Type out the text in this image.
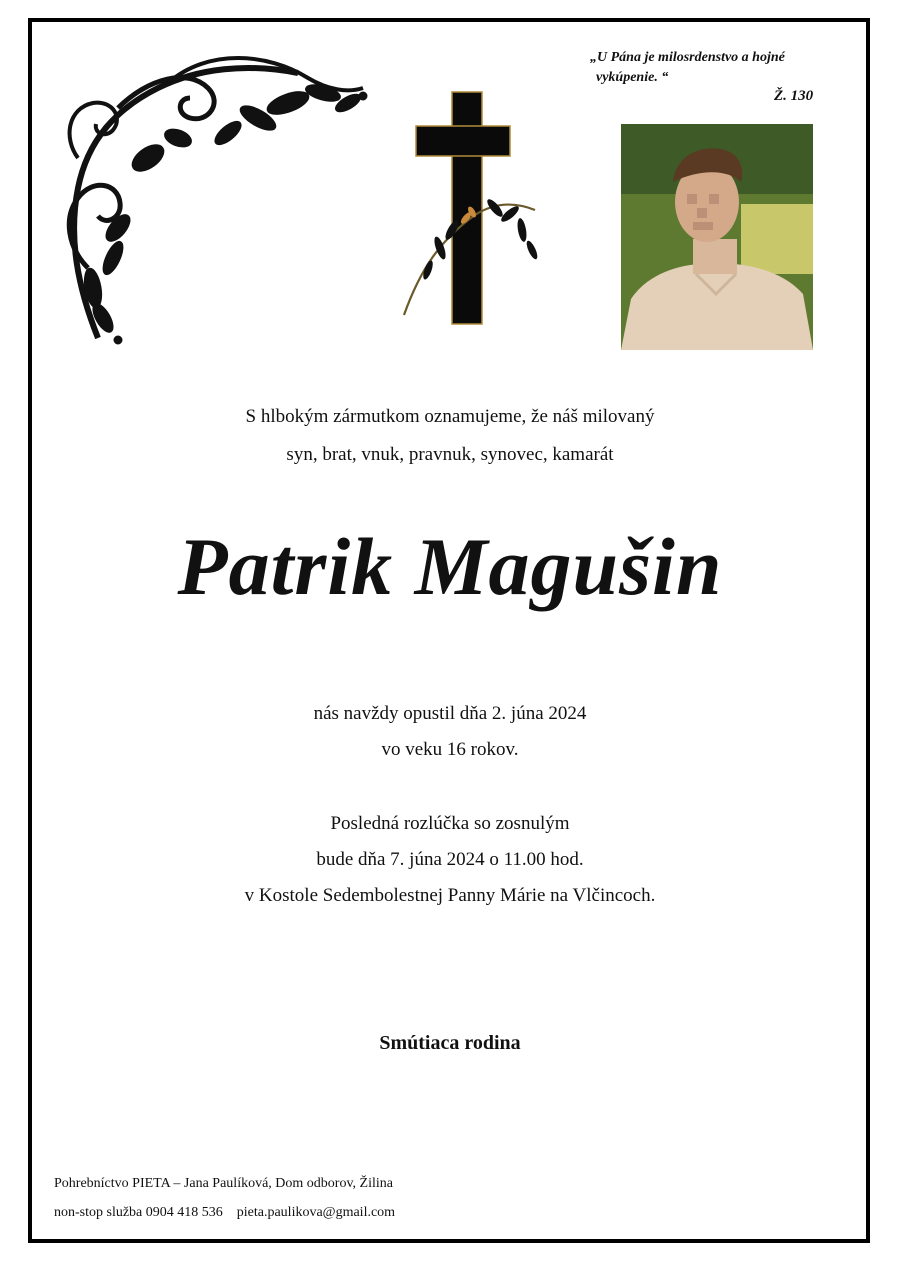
„U Pána je milosrdenstvo a hojné
vykúpenie. “
Ž. 130
S hlbokým zármutkom oznamujeme, že náš milovaný
syn, brat, vnuk, pravnuk, synovec, kamarát
Patrik Magušin
nás navždy opustil dňa 2. júna 2024
vo veku 16 rokov.
Posledná rozlúčka so zosnulým
bude dňa 7. júna 2024 o 11.00 hod.
v Kostole Sedembolestnej Panny Márie na Vlčincoch.
Smútiaca rodina
Pohrebníctvo PIETA – Jana Paulíková, Dom odborov, Žilina
non-stop služba 0904 418 536    pieta.paulikova@gmail.com
